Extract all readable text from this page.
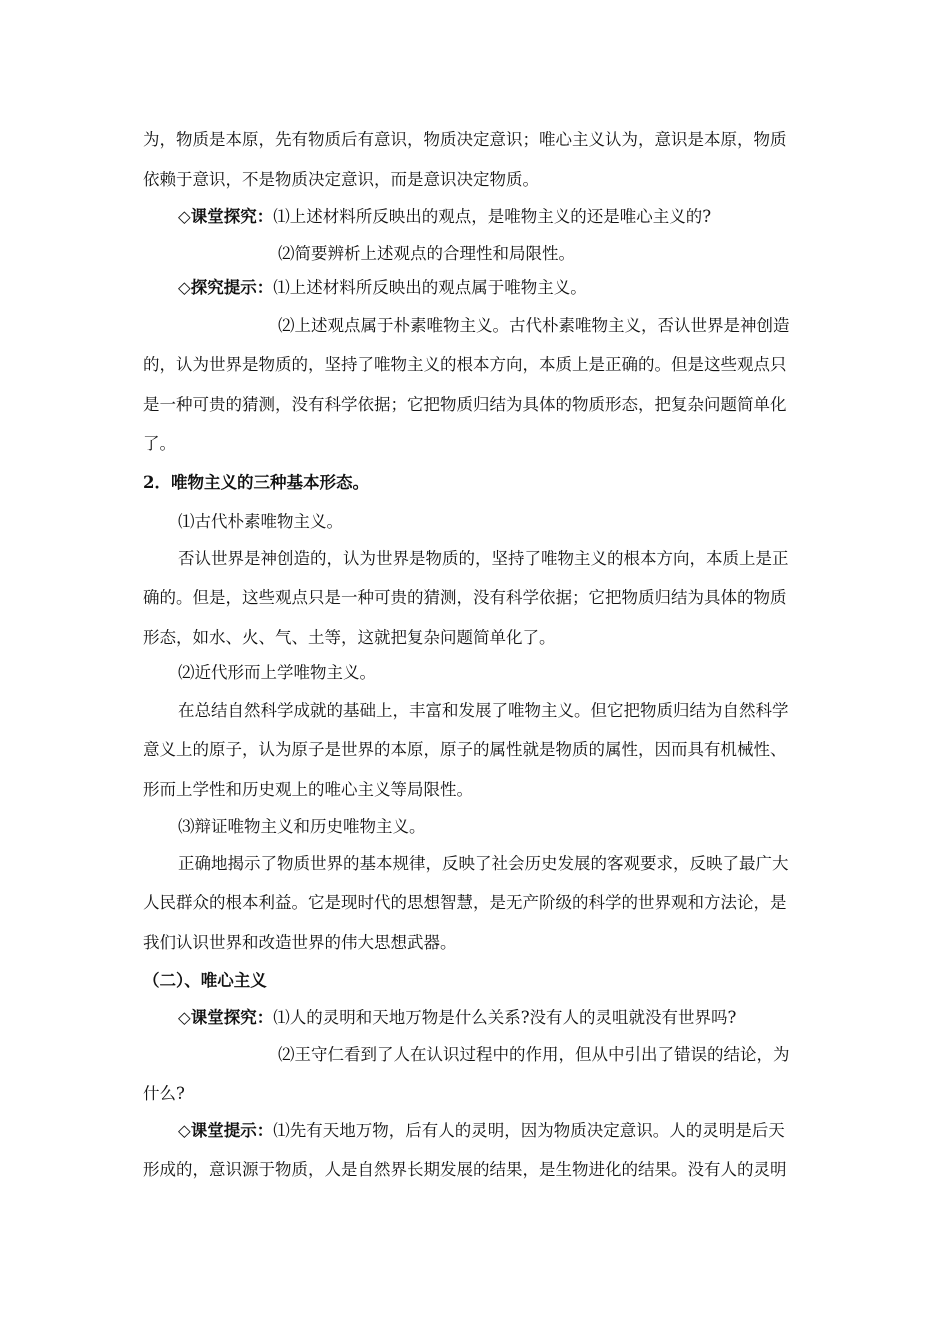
为，物质是本原，先有物质后有意识，物质决定意识；唯心主义认为，意识是本原，物质
依赖于意识，不是物质决定意识，而是意识决定物质。
◇课堂探究：⑴上述材料所反映出的观点，是唯物主义的还是唯心主义的?
⑵简要辨析上述观点的合理性和局限性。
◇探究提示：⑴上述材料所反映出的观点属于唯物主义。
⑵上述观点属于朴素唯物主义。古代朴素唯物主义，否认世界是神创造
的，认为世界是物质的，坚持了唯物主义的根本方向，本质上是正确的。但是这些观点只
是一种可贵的猜测，没有科学依据；它把物质归结为具体的物质形态，把复杂问题简单化
了。
2．唯物主义的三种基本形态。
⑴古代朴素唯物主义。
否认世界是神创造的，认为世界是物质的，坚持了唯物主义的根本方向，本质上是正
确的。但是，这些观点只是一种可贵的猜测，没有科学依据；它把物质归结为具体的物质
形态，如水、火、气、土等，这就把复杂问题简单化了。
⑵近代形而上学唯物主义。
在总结自然科学成就的基础上，丰富和发展了唯物主义。但它把物质归结为自然科学
意义上的原子，认为原子是世界的本原，原子的属性就是物质的属性，因而具有机械性、
形而上学性和历史观上的唯心主义等局限性。
⑶辩证唯物主义和历史唯物主义。
正确地揭示了物质世界的基本规律，反映了社会历史发展的客观要求，反映了最广大
人民群众的根本利益。它是现时代的思想智慧，是无产阶级的科学的世界观和方法论，是
我们认识世界和改造世界的伟大思想武器。
（二）、唯心主义
◇课堂探究：⑴人的灵明和天地万物是什么关系?没有人的灵咀就没有世界吗?
⑵王守仁看到了人在认识过程中的作用，但从中引出了错误的结论，为
什么?
◇课堂提示：⑴先有天地万物，后有人的灵明，因为物质决定意识。人的灵明是后天
形成的，意识源于物质，人是自然界长期发展的结果，是生物进化的结果。没有人的灵明
